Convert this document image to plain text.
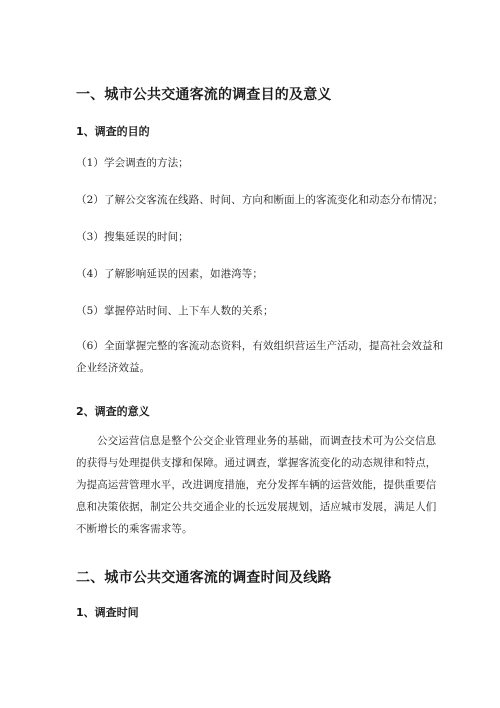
一、城市公共交通客流的调查目的及意义
1、调查的目的
（1）学会调查的方法；
（2）了解公交客流在线路、时间、方向和断面上的客流变化和动态分布情况；
（3）搜集延误的时间；
（4）了解影响延误的因素，如港湾等；
（5）掌握停站时间、上下车人数的关系；
（6）全面掌握完整的客流动态资料，有效组织营运生产活动，提高社会效益和
企业经济效益。
2、调查的意义
公交运营信息是整个公交企业管理业务的基础，而调查技术可为公交信息
的获得与处理提供支撑和保障。通过调查，掌握客流变化的动态规律和特点，
为提高运营管理水平，改进调度措施，充分发挥车辆的运营效能，提供重要信
息和决策依据，制定公共交通企业的长远发展规划，适应城市发展，满足人们
不断增长的乘客需求等。
二、城市公共交通客流的调查时间及线路
1、调查时间
